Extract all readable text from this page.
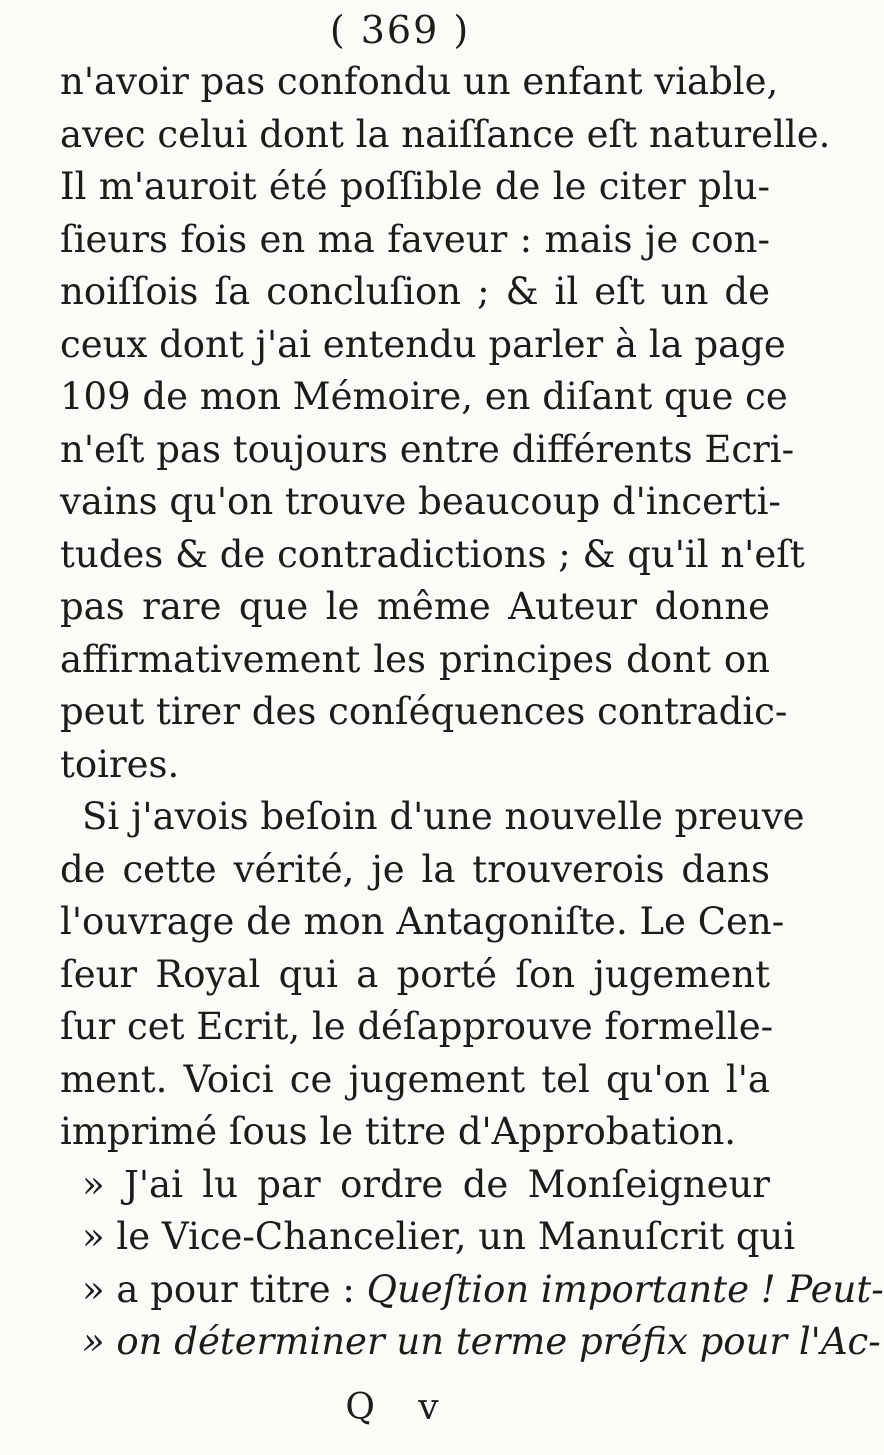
( 369 )
n'avoir pas confondu un enfant viable,
avec celui dont la naiſſance eſt naturelle.
Il m'auroit été poſſible de le citer plu-
ſieurs fois en ma faveur : mais je con-
noiſſois ſa concluſion ; & il eſt un de
ceux dont j'ai entendu parler à la page
109 de mon Mémoire, en diſant que ce
n'eſt pas toujours entre différents Ecri-
vains qu'on trouve beaucoup d'incerti-
tudes & de contradictions ; & qu'il n'eſt
pas rare que le même Auteur donne
affirmativement les principes dont on
peut tirer des conſéquences contradic-
toires.
Si j'avois beſoin d'une nouvelle preuve
de cette vérité, je la trouverois dans
l'ouvrage de mon Antagoniſte. Le Cen-
ſeur Royal qui a porté ſon jugement
ſur cet Ecrit, le déſapprouve formelle-
ment. Voici ce jugement tel qu'on l'a
imprimé ſous le titre d'Approbation.
» J'ai lu par ordre de Monſeigneur
» le Vice-Chancelier, un Manuſcrit qui
» a pour titre : Queſtion importante ! Peut-
» on déterminer un terme préfix pour l'Ac-
Q v
